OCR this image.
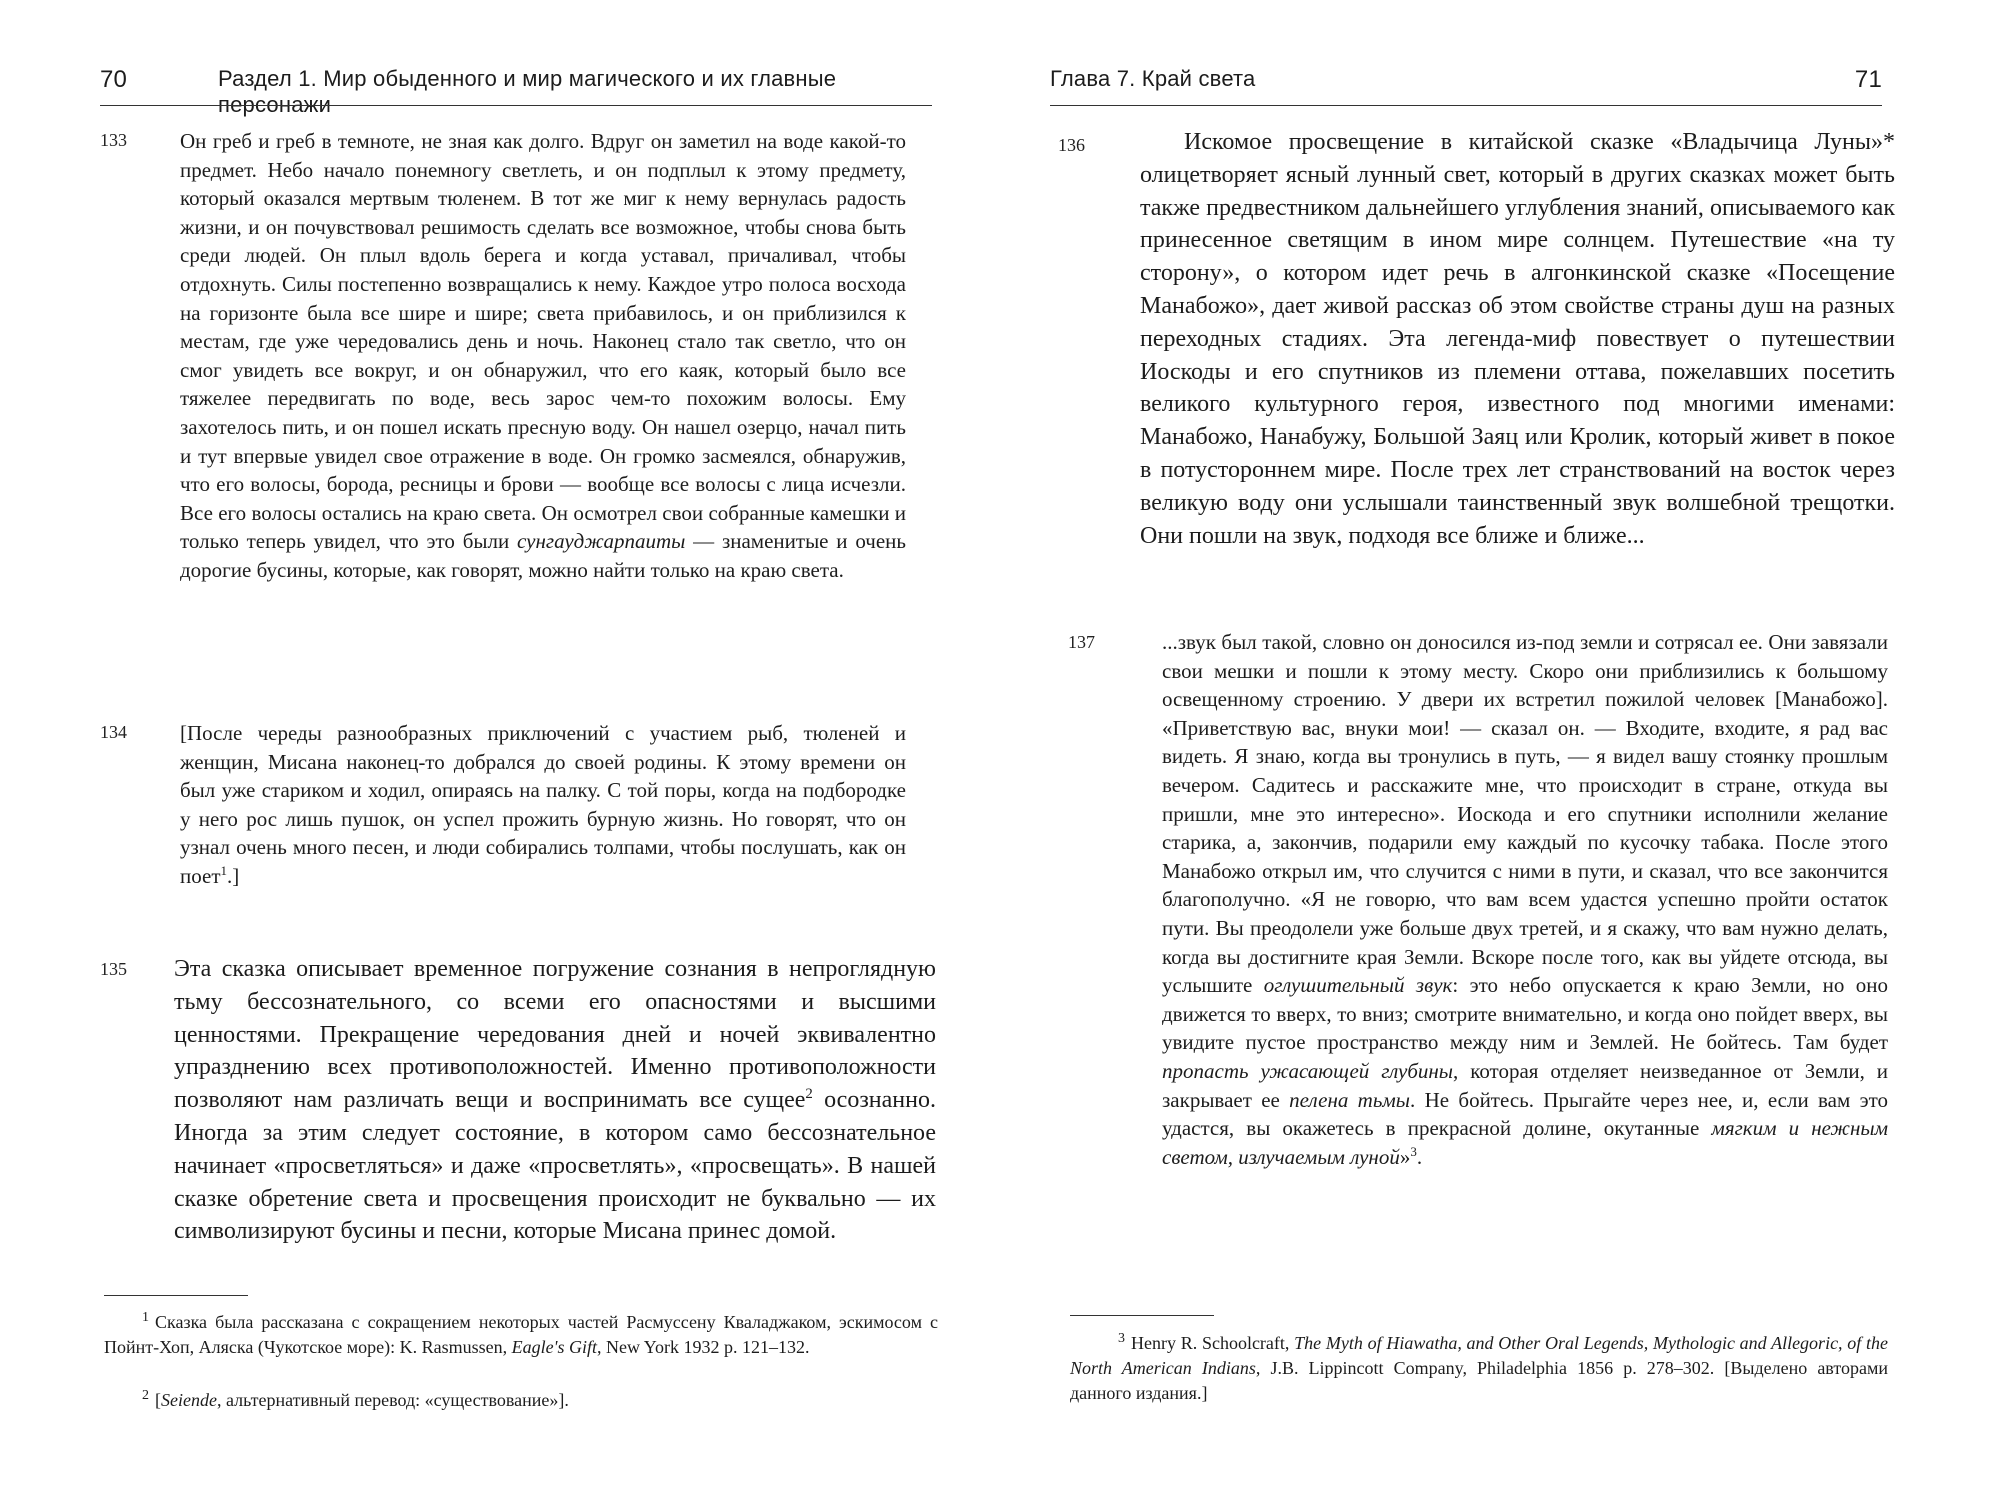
70	Раздел 1. Мир обыденного и мир магического и их главные персонажи
133	Он греб и греб в темноте, не зная как долго. Вдруг он заметил на воде какой-то предмет. Небо начало понемногу светлеть, и он подплыл к этому предмету, который оказался мертвым тюленем. В тот же миг к нему вернулась радость жизни, и он почувствовал решимость сделать все возможное, чтобы снова быть среди людей. Он плыл вдоль берега и когда уставал, причаливал, чтобы отдохнуть. Силы постепенно возвращались к нему. Каждое утро полоса восхода на горизонте была все шире и шире; света прибавилось, и он приблизился к местам, где уже чередовались день и ночь. Наконец стало так светло, что он смог увидеть все вокруг, и он обнаружил, что его каяк, который было все тяжелее передвигать по воде, весь зарос чем-то похожим волосы. Ему захотелось пить, и он пошел искать пресную воду. Он нашел озерцо, начал пить и тут впервые увидел свое отражение в воде. Он громко засмеялся, обнаружив, что его волосы, борода, ресницы и брови — вообще все волосы с лица исчезли. Все его волосы остались на краю света. Он осмотрел свои собранные камешки и только теперь увидел, что это были сунгауджарпаиты — знаменитые и очень дорогие бусины, которые, как говорят, можно найти только на краю света.
134	[После череды разнообразных приключений с участием рыб, тюленей и женщин, Мисана наконец-то добрался до своей родины. К этому времени он был уже стариком и ходил, опираясь на палку. С той поры, когда на подбородке у него рос лишь пушок, он успел прожить бурную жизнь. Но говорят, что он узнал очень много песен, и люди собирались толпами, чтобы послушать, как он поет$^1$.]
135 Эта сказка описывает временное погружение сознания в непроглядную тьму бессознательного, со всеми его опасностями и высшими ценностями. Прекращение чередования дней и ночей эквивалентно упразднению всех противоположностей. Именно противоположности позволяют нам различать вещи и воспринимать все сущее$^2$ осознанно. Иногда за этим следует состояние, в котором само бессознательное начинает «просветляться» и даже «просветлять», «просвещать». В нашей сказке обретение света и просвещения происходит не буквально — их символизируют бусины и песни, которые Мисана принес домой.
$^1$ Сказка была рассказана с сокращением некоторых частей Расмуссену Кваладжаком, эскимосом с Пойнт-Хоп, Аляска (Чукотское море): K. Rasmussen, Eagle's Gift, New York 1932 p. 121–132.
$^2$ [Seiende, альтернативный перевод: «существование»].
Глава 7. Край света	71
136	Искомое просвещение в китайской сказке «Владычица Луны»* олицетворяет ясный лунный свет, который в других сказках может быть также предвестником дальнейшего углубления знаний, описываемого как принесенное светящим в ином мире солнцем. Путешествие «на ту сторону», о котором идет речь в алгонкинской сказке «Посещение Манабожо», дает живой рассказ об этом свойстве страны душ на разных переходных стадиях. Эта легенда-миф повествует о путешествии Иоскоды и его спутников из племени оттава, пожелавших посетить великого культурного героя, известного под многими именами: Манабожо, Нанабужу, Большой Заяц или Кролик, который живет в покое в потустороннем мире. После трех лет странствований на восток через великую воду они услышали таинственный звук волшебной трещотки. Они пошли на звук, подходя все ближе и ближе...
137	...звук был такой, словно он доносился из-под земли и сотрясал ее. Они завязали свои мешки и пошли к этому месту. Скоро они приблизились к большому освещенному строению. У двери их встретил пожилой человек [Манабожо]. «Приветствую вас, внуки мои! — сказал он. — Входите, входите, я рад вас видеть. Я знаю, когда вы тронулись в путь, — я видел вашу стоянку прошлым вечером. Садитесь и расскажите мне, что происходит в стране, откуда вы пришли, мне это интересно». Иоскода и его спутники исполнили желание старика, а, закончив, подарили ему каждый по кусочку табака. После этого Манабожо открыл им, что случится с ними в пути, и сказал, что все закончится благополучно. «Я не говорю, что вам всем удастся успешно пройти остаток пути. Вы преодолели уже больше двух третей, и я скажу, что вам нужно делать, когда вы достигните края Земли. Вскоре после того, как вы уйдете отсюда, вы услышите оглушительный звук: это небо опускается к краю Земли, но оно движется то вверх, то вниз; смотрите внимательно, и когда оно пойдет вверх, вы увидите пустое пространство между ним и Землей. Не бойтесь. Там будет пропасть ужасающей глубины, которая отделяет неизведанное от Земли, и закрывает ее пелена тьмы. Не бойтесь. Прыгайте через нее, и, если вам это удастся, вы окажетесь в прекрасной долине, окутанные мягким и нежным светом, излучаемым луной»$^3$.
$^3$ Henry R. Schoolcraft, The Myth of Hiawatha, and Other Oral Legends, Mythologic and Allegoric, of the North American Indians, J.B. Lippincott Company, Philadelphia 1856 p. 278–302. [Выделено авторами данного издания.]
